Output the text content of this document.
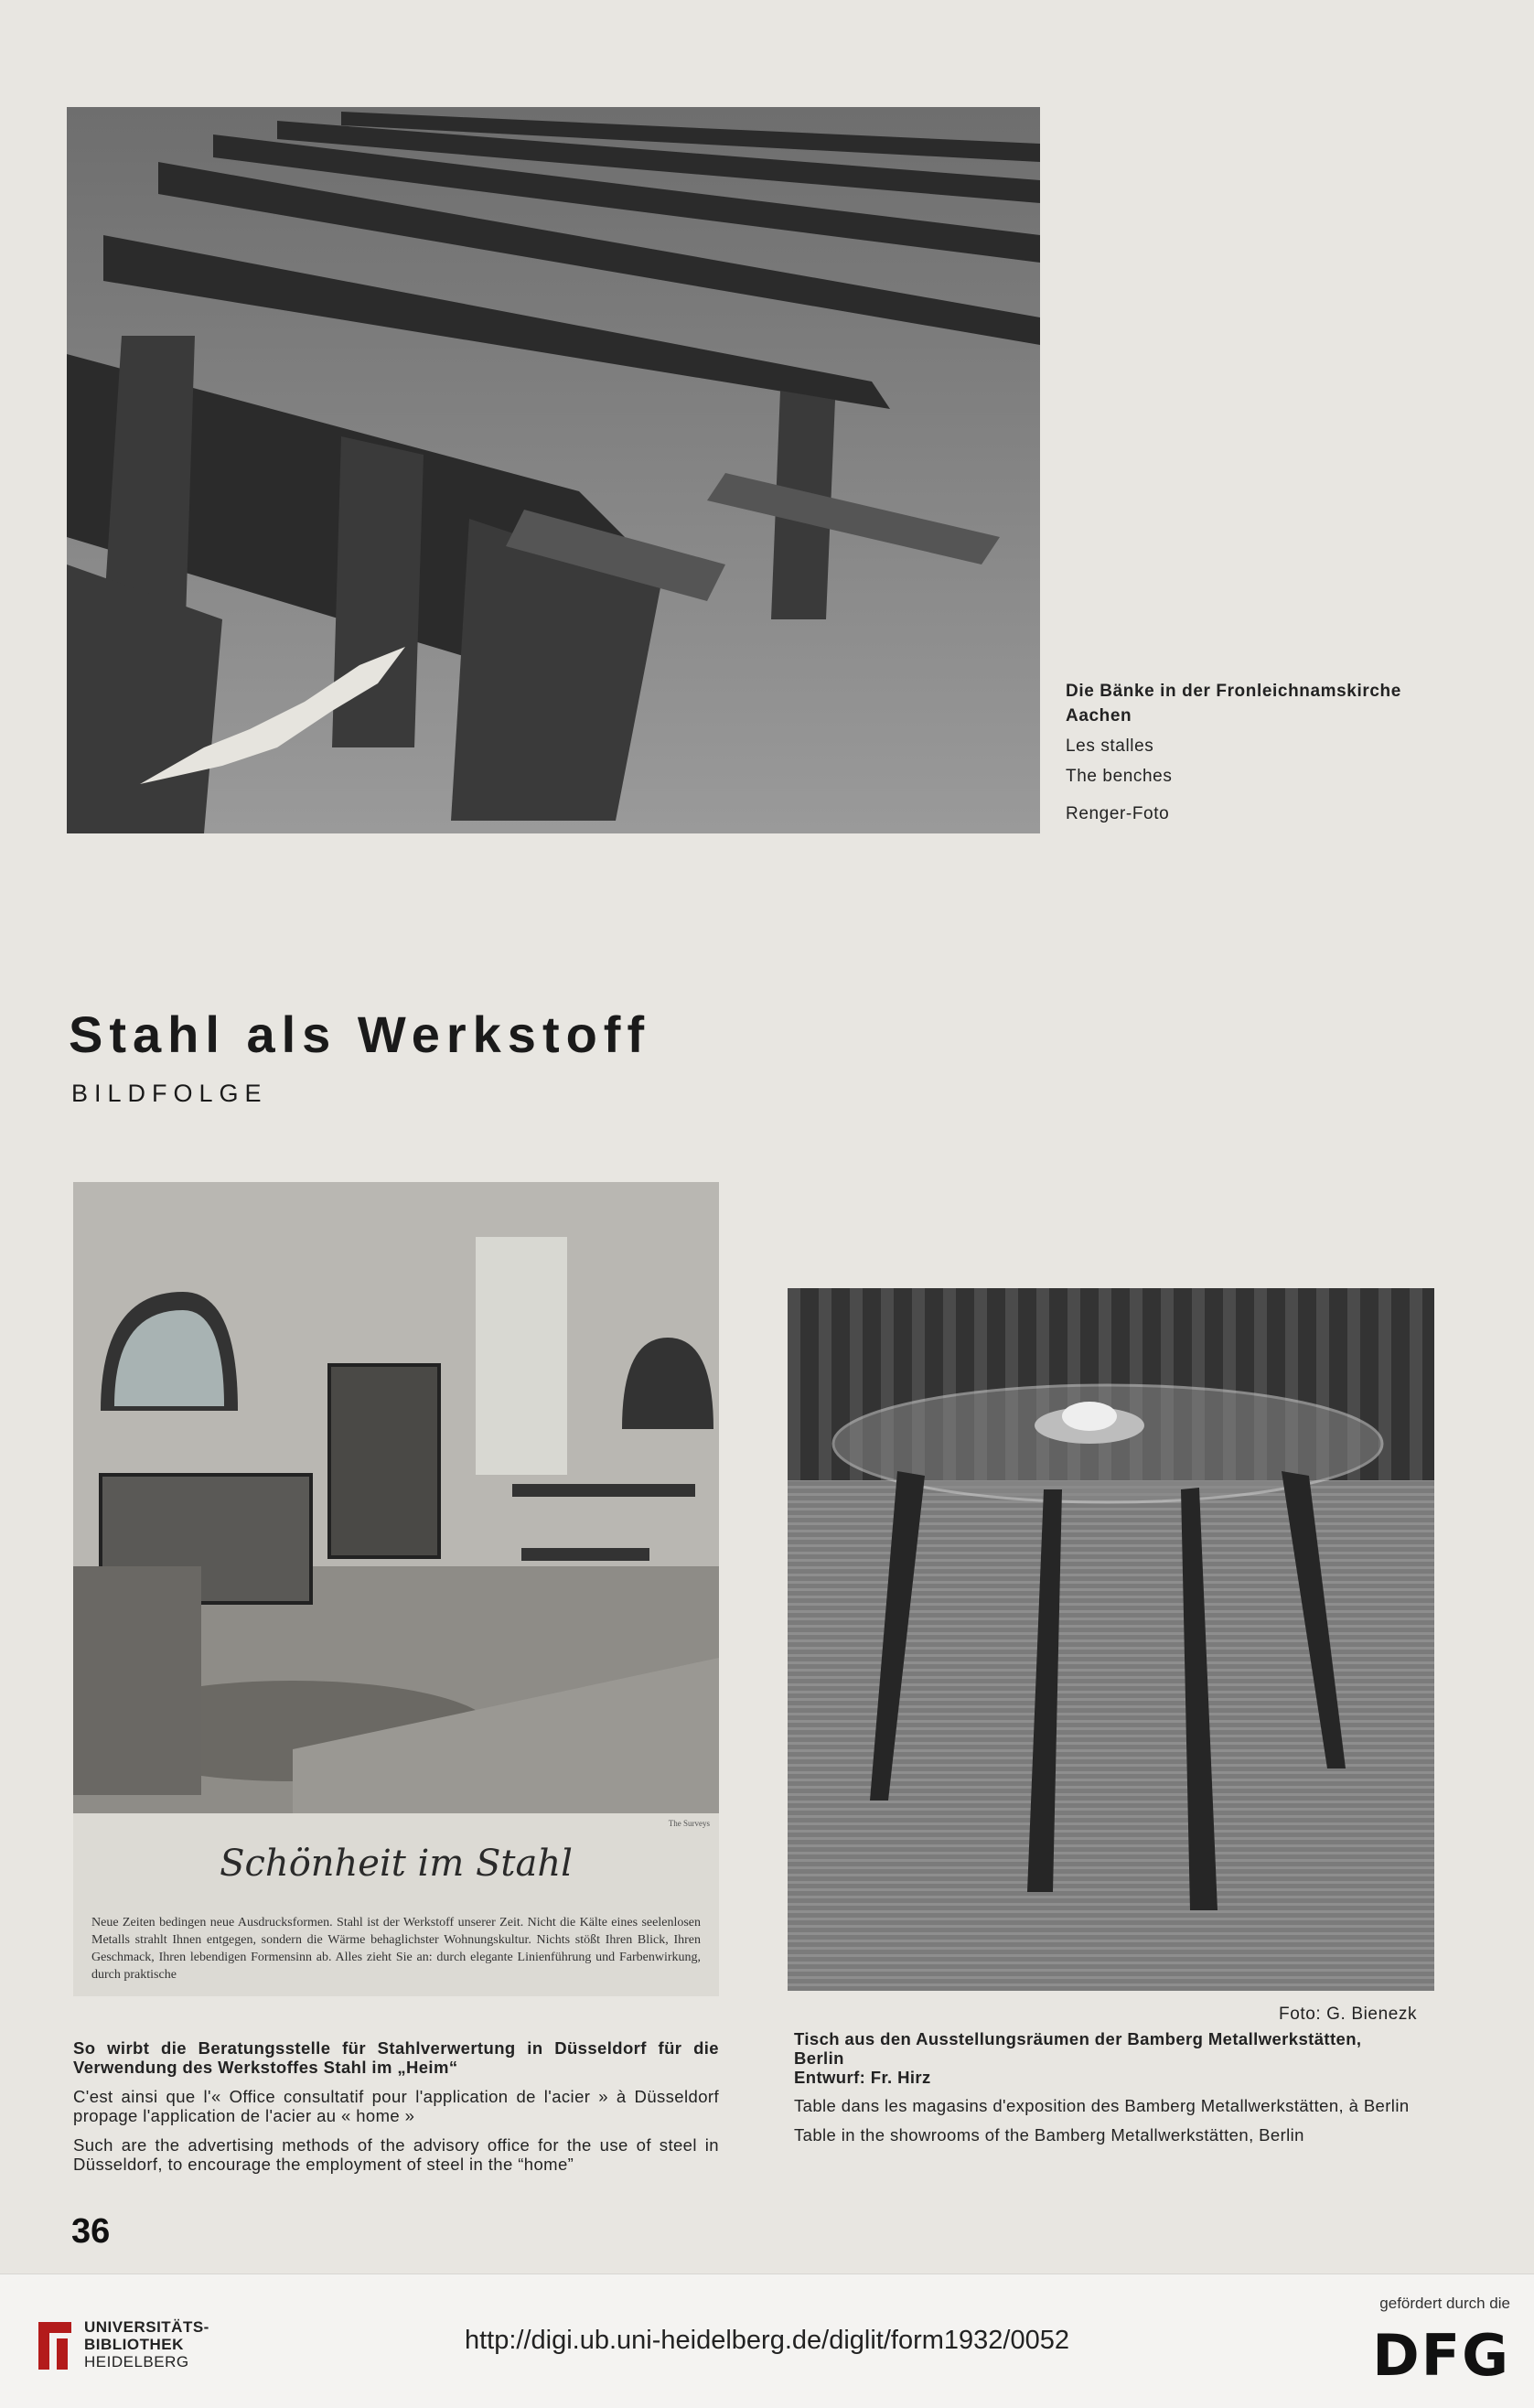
Die Bänke in der Fronleichnamskirche
Aachen
Les stalles
The benches
Renger-Foto
Stahl als Werkstoff
BILDFOLGE
The Surveys
Schönheit im Stahl
Neue Zeiten bedingen neue Ausdrucksformen. Stahl ist der Werkstoff unserer Zeit. Nicht die Kälte eines seelenlosen Metalls strahlt Ihnen entgegen, sondern die Wärme behaglichster Wohnungskultur. Nichts stößt Ihren Blick, Ihren Geschmack, Ihren lebendigen Formensinn ab. Alles zieht Sie an: durch elegante Linienführung und Farbenwirkung, durch praktische
Foto: G. Bienezk

So wirbt die Beratungsstelle für Stahlverwertung in Düsseldorf für die Verwendung des Werkstoffes Stahl im „Heim“

C'est ainsi que l'« Office consultatif pour l'application de l'acier » à Düsseldorf propage l'application de l'acier au « home »

Such are the advertising methods of the advisory office for the use of steel in Düsseldorf, to encourage the employment of steel in the “home”

Tisch aus den Ausstellungsräumen der Bamberg Metallwerkstätten,
Berlin
Entwurf: Fr. Hirz

Table dans les magasins d'exposition des Bamberg Metallwerkstätten, à Berlin

Table in the showrooms of the Bamberg Metallwerkstätten, Berlin

36
UNIVERSITÄTS-
BIBLIOTHEK
HEIDELBERG
http://digi.ub.uni-heidelberg.de/diglit/form1932/0052
gefördert durch die
DFG
